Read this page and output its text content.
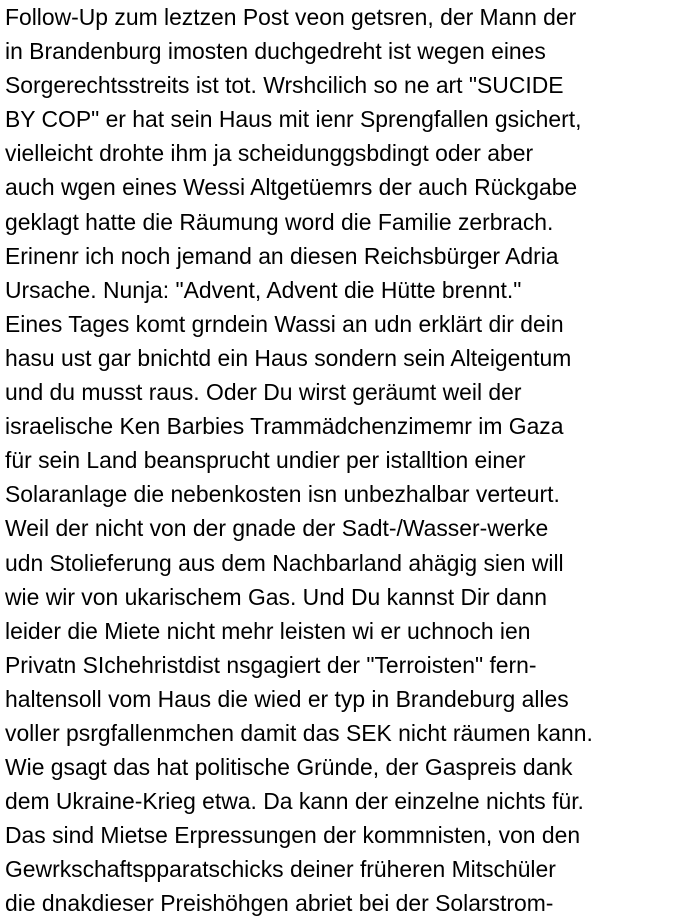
Follow-Up zum leztzen Post veon getsren, der Mann der
in Brandenburg imosten duchgedreht ist wegen eines
Sorgerechtsstreits ist tot. Wrshcilich so ne art "SUCIDE
BY COP" er hat sein Haus mit ienr Sprengfallen gsichert,
vielleicht drohte ihm ja scheidunggsbdingt oder aber
auch wgen eines Wessi Altgetüemrs der auch Rückgabe
geklagt hatte die Räumung word die Familie zerbrach.
Erinenr ich noch jemand an diesen Reichsbürger Adria
Ursache. Nunja: "Advent, Advent die Hütte brennt."
Eines Tages komt grndein Wassi an udn erklärt dir dein
hasu ust gar bnichtd ein Haus sondern sein Alteigentum
und du musst raus. Oder Du wirst geräumt weil der
israelische Ken Barbies Trammädchenzimemr im Gaza
für sein Land beansprucht undier per istalltion einer
Solaranlage die nebenkosten isn unbezhalbar verteurt.
Weil der nicht von der gnade der Sadt-/Wasser-werke
udn Stolieferung aus dem Nachbarland ahägig sien will
wie wir von ukarischem Gas. Und Du kannst Dir dann
leider die Miete nicht mehr leisten wi er uchnoch ien
Privatn SIchehristdist nsgagiert der "Terroisten" fern-
haltensoll vom Haus die wied er typ in Brandeburg alles
voller psrgfallenmchen damit das SEK nicht räumen kann.
Wie gsagt das hat politische Gründe, der Gaspreis dank
dem Ukraine-Krieg etwa. Da kann der einzelne nichts für.
Das sind Mietse Erpressungen der kommnisten, von den
Gewrkschaftspparatschicks deiner früheren Mitschüler
die dnakdieser Preishöhgen abriet bei der Solarstrom-
